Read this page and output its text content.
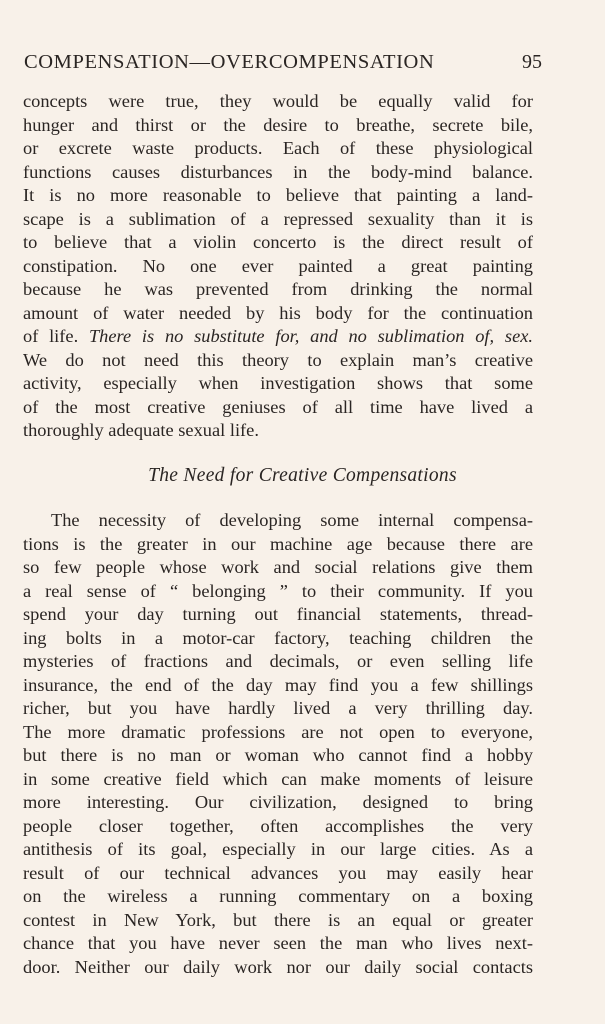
COMPENSATION—OVERCOMPENSATION	95
concepts were true, they would be equally valid for
hunger and thirst or the desire to breathe, secrete bile,
or excrete waste products. Each of these physiological
functions causes disturbances in the body-mind balance.
It is no more reasonable to believe that painting a land-
scape is a sublimation of a repressed sexuality than it is
to believe that a violin concerto is the direct result of
constipation. No one ever painted a great painting
because he was prevented from drinking the normal
amount of water needed by his body for the continuation
of life. There is no substitute for, and no sublimation of, sex.
We do not need this theory to explain man’s creative
activity, especially when investigation shows that some
of the most creative geniuses of all time have lived a
thoroughly adequate sexual life.
The Need for Creative Compensations
The necessity of developing some internal compensa-
tions is the greater in our machine age because there are
so few people whose work and social relations give them
a real sense of “ belonging ” to their community. If you
spend your day turning out financial statements, thread-
ing bolts in a motor-car factory, teaching children the
mysteries of fractions and decimals, or even selling life
insurance, the end of the day may find you a few shillings
richer, but you have hardly lived a very thrilling day.
The more dramatic professions are not open to everyone,
but there is no man or woman who cannot find a hobby
in some creative field which can make moments of leisure
more interesting. Our civilization, designed to bring
people closer together, often accomplishes the very
antithesis of its goal, especially in our large cities. As a
result of our technical advances you may easily hear
on the wireless a running commentary on a boxing
contest in New York, but there is an equal or greater
chance that you have never seen the man who lives next-
door. Neither our daily work nor our daily social contacts
